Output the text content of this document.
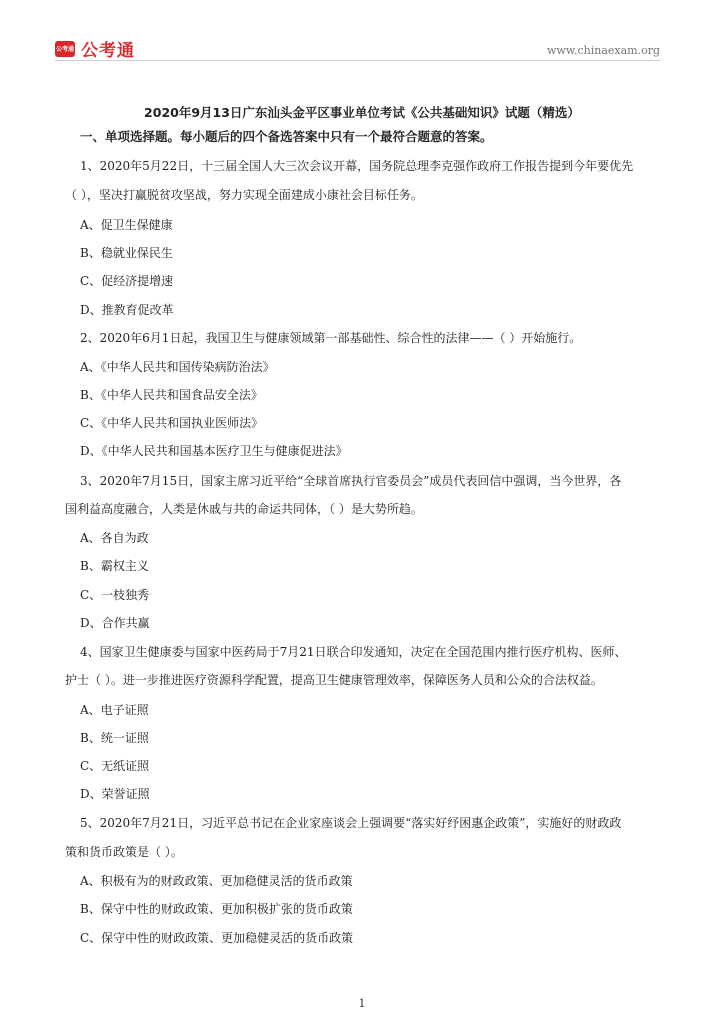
公考通 公考通	www.chinaexam.org
2020年9月13日广东汕头金平区事业单位考试《公共基础知识》试题（精选）
一、单项选择题。每小题后的四个备选答案中只有一个最符合题意的答案。
1、2020年5月22日，十三届全国人大三次会议开幕，国务院总理李克强作政府工作报告提到今年要优先
（ ），坚决打赢脱贫攻坚战，努力实现全面建成小康社会目标任务。
A、促卫生保健康
B、稳就业保民生
C、促经济提增速
D、推教育促改革
2、2020年6月1日起，我国卫生与健康领域第一部基础性、综合性的法律——（ ）开始施行。
A、《中华人民共和国传染病防治法》
B、《中华人民共和国食品安全法》
C、《中华人民共和国执业医师法》
D、《中华人民共和国基本医疗卫生与健康促进法》
3、2020年7月15日，国家主席习近平给“全球首席执行官委员会”成员代表回信中强调，当今世界，各
国利益高度融合，人类是休戚与共的命运共同体，（ ）是大势所趋。
A、各自为政
B、霸权主义
C、一枝独秀
D、合作共赢
4、国家卫生健康委与国家中医药局于7月21日联合印发通知，决定在全国范围内推行医疗机构、医师、
护士（ ）。进一步推进医疗资源科学配置，提高卫生健康管理效率，保障医务人员和公众的合法权益。
A、电子证照
B、统一证照
C、无纸证照
D、荣誉证照
5、2020年7月21日，习近平总书记在企业家座谈会上强调要“落实好纾困惠企政策”，实施好的财政政
策和货币政策是（ ）。
A、积极有为的财政政策、更加稳健灵活的货币政策
B、保守中性的财政政策、更加积极扩张的货币政策
C、保守中性的财政政策、更加稳健灵活的货币政策
1
